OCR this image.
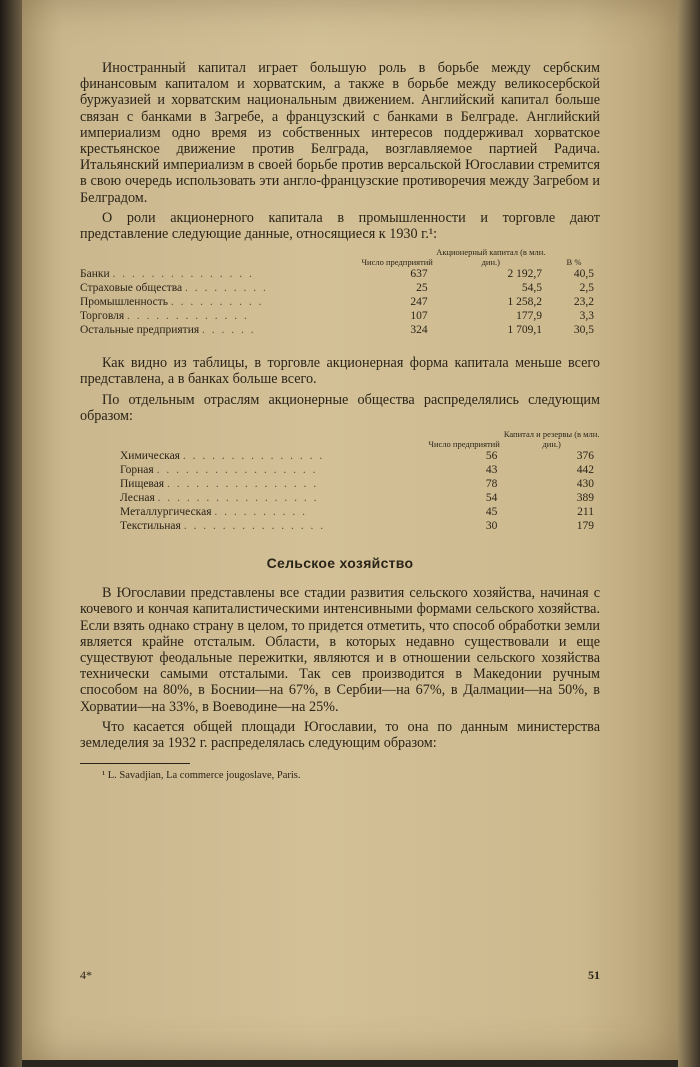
Иностранный капитал играет большую роль в борьбе между сербским финансовым капиталом и хорватским, а также в борьбе между великосербской буржуазией и хорватским национальным движением. Английский капитал больше связан с банками в Загребе, а французский с банками в Белграде. Английский империализм одно время из собственных интересов поддерживал хорватское крестьянское движение против Белграда, возглавляемое партией Радича. Итальянский империализм в своей борьбе против версальской Югославии стремится в свою очередь использовать эти англо-французские противоречия между Загребом и Белградом.

О роли акционерного капитала в промышленности и торговле дают представление следующие данные, относящиеся к 1930 г.¹:

	Число предприятий	Акционерный капитал (в млн. дин.)	В %
Банки . . . . . . . . . . . . . . .	637	2 192,7	40,5
Страховые общества . . . . . . . . .	25	54,5	2,5
Промышленность . . . . . . . . . .	247	1 258,2	23,2
Торговля . . . . . . . . . . . . .	107	177,9	3,3
Остальные предприятия . . . . . .	324	1 709,1	30,5

Как видно из таблицы, в торговле акционерная форма капитала меньше всего представлена, а в банках больше всего.

По отдельным отраслям акционерные общества распределялись следующим образом:

	Число предприятий	Капитал и резервы (в млн. дин.)
Химическая . . . . . . . . . . . . . . .	56	376
Горная . . . . . . . . . . . . . . . . .	43	442
Пищевая . . . . . . . . . . . . . . . .	78	430
Лесная . . . . . . . . . . . . . . . . .	54	389
Металлургическая . . . . . . . . . .	45	211
Текстильная . . . . . . . . . . . . . . .	30	179
Сельское хозяйство

В Югославии представлены все стадии развития сельского хозяйства, начиная с кочевого и кончая капиталистическими интенсивными формами сельского хозяйства. Если взять однако страну в целом, то придется отметить, что способ обработки земли является крайне отсталым. Области, в которых недавно существовали и еще существуют феодальные пережитки, являются и в отношении сельского хозяйства технически самыми отсталыми. Так сев производится в Македонии ручным способом на 80%, в Боснии—на 67%, в Сербии—на 67%, в Далмации—на 50%, в Хорватии—на 33%, в Воеводине—на 25%.

Что касается общей площади Югославии, то она по данным министерства земледелия за 1932 г. распределялась следующим образом:

¹ L. Savadjian, La commerce jougoslave, Paris.
4*	51
